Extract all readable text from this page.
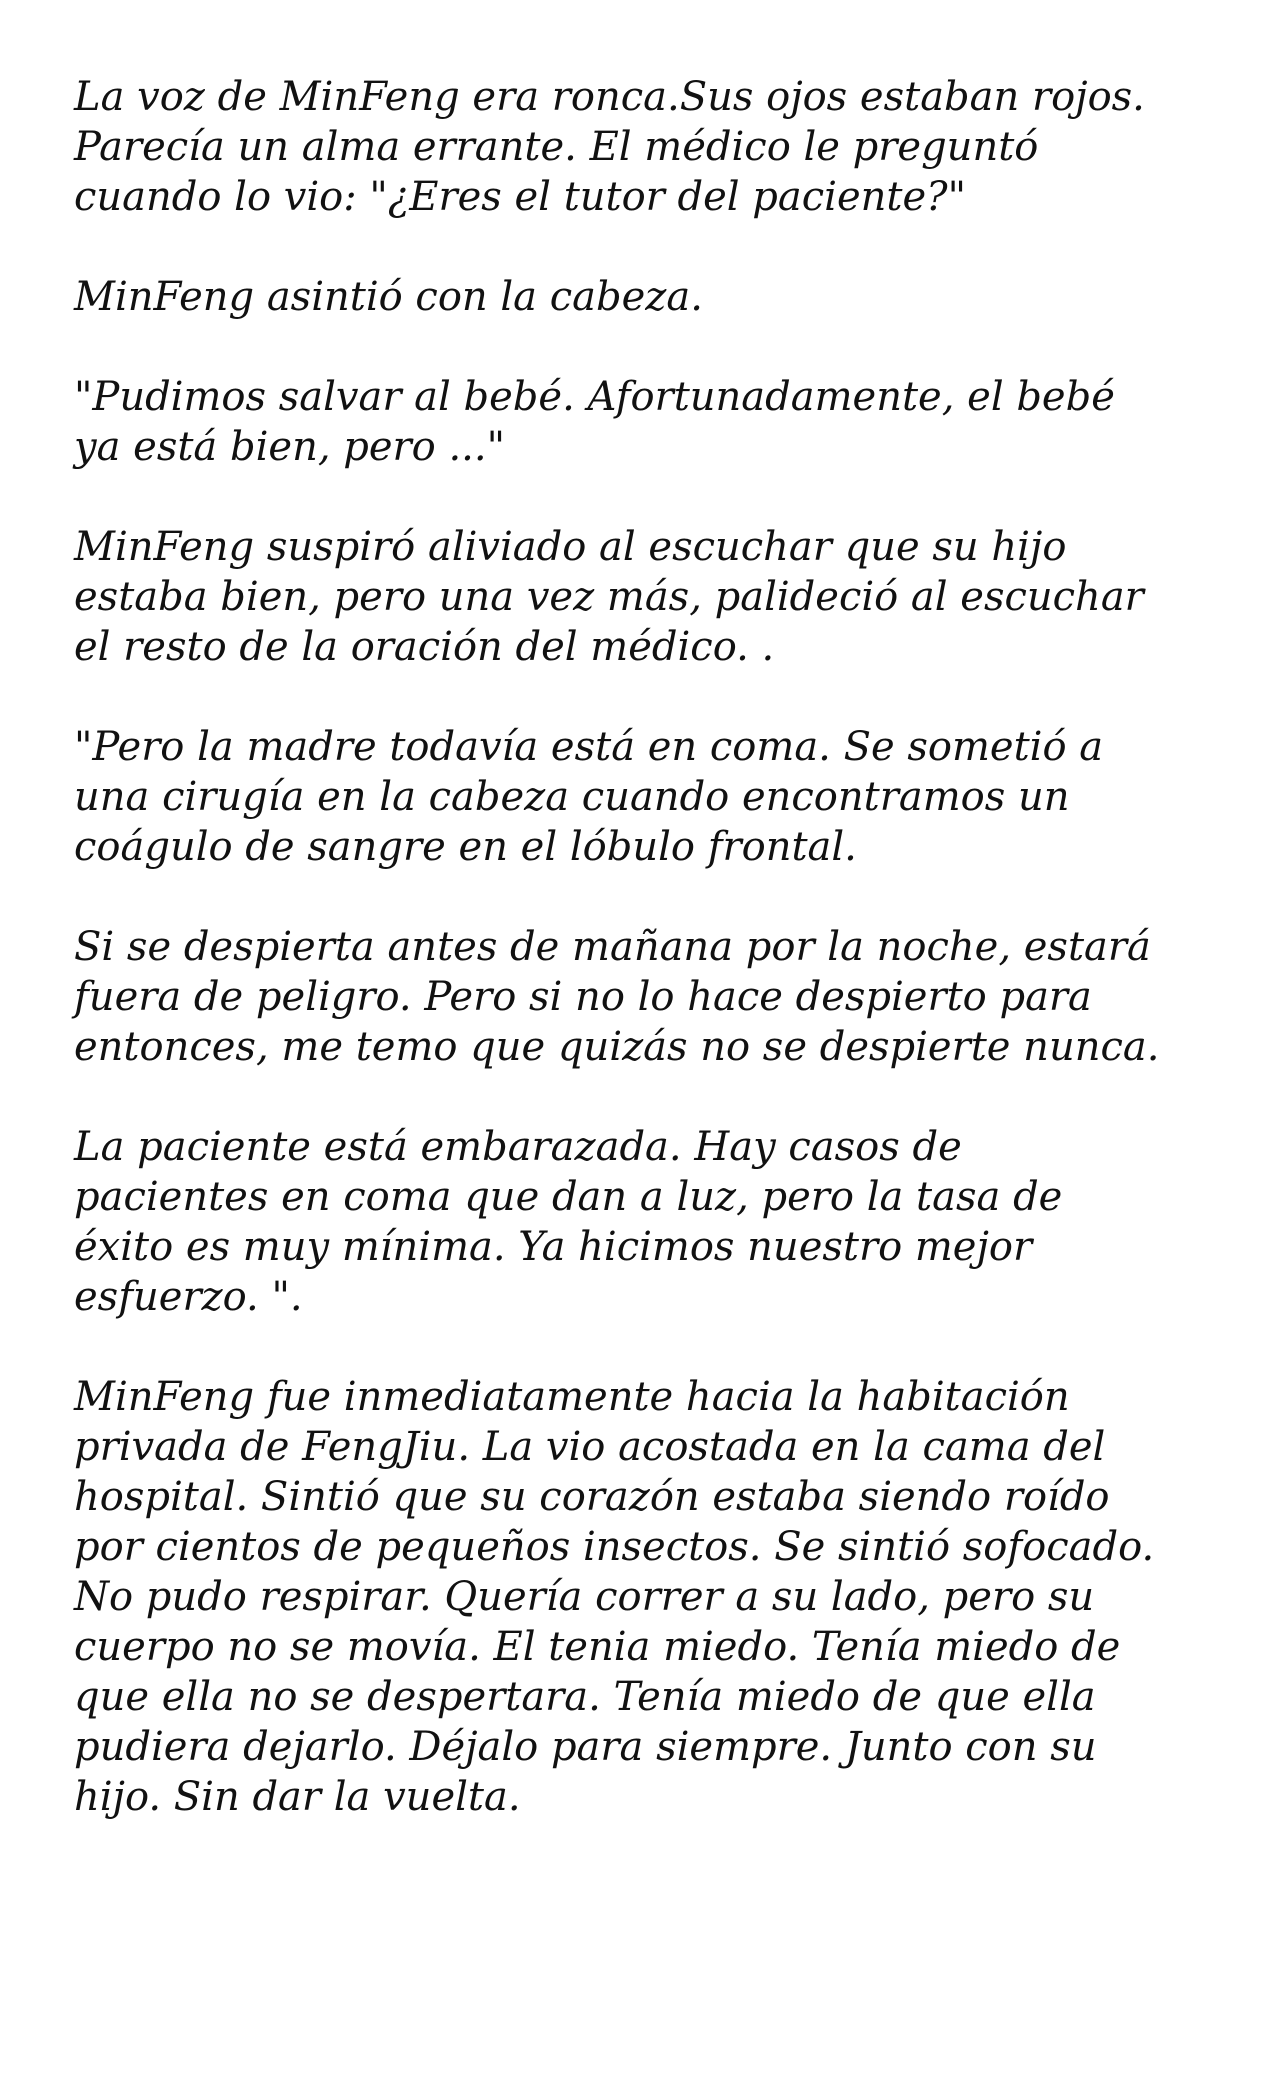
La voz de MinFeng era ronca.Sus ojos estaban rojos.
Parecía un alma errante. El médico le preguntó
cuando lo vio: "¿Eres el tutor del paciente?"

MinFeng asintió con la cabeza.

"Pudimos salvar al bebé. Afortunadamente, el bebé
ya está bien, pero ..."

MinFeng suspiró aliviado al escuchar que su hijo
estaba bien, pero una vez más, palideció al escuchar
el resto de la oración del médico. .

"Pero la madre todavía está en coma. Se sometió a
una cirugía en la cabeza cuando encontramos un
coágulo de sangre en el lóbulo frontal.

Si se despierta antes de mañana por la noche, estará
fuera de peligro. Pero si no lo hace despierto para
entonces, me temo que quizás no se despierte nunca.

La paciente está embarazada. Hay casos de
pacientes en coma que dan a luz, pero la tasa de
éxito es muy mínima. Ya hicimos nuestro mejor
esfuerzo. ".

MinFeng fue inmediatamente hacia la habitación
privada de FengJiu. La vio acostada en la cama del
hospital. Sintió que su corazón estaba siendo roído
por cientos de pequeños insectos. Se sintió sofocado.
No pudo respirar. Quería correr a su lado, pero su
cuerpo no se movía. El tenia miedo. Tenía miedo de
que ella no se despertara. Tenía miedo de que ella
pudiera dejarlo. Déjalo para siempre. Junto con su
hijo. Sin dar la vuelta.
